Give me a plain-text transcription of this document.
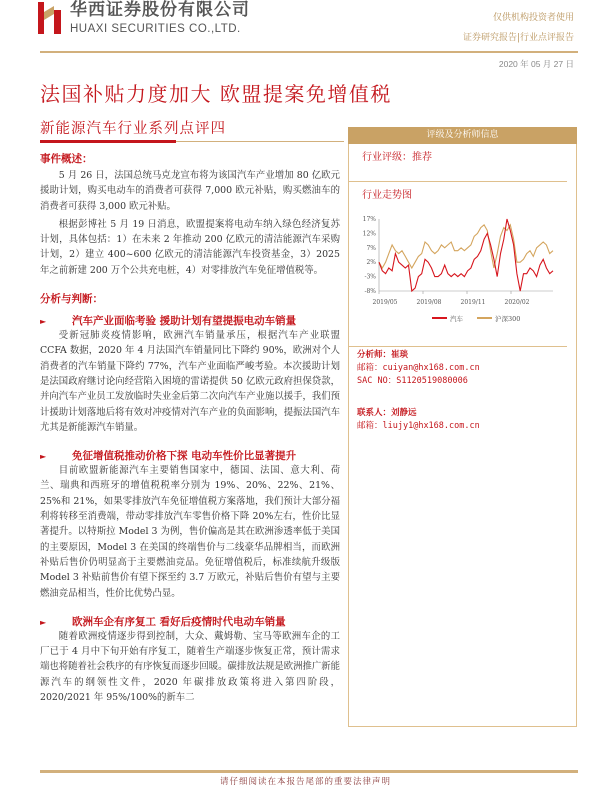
华西证券股份有限公司
HUAXI SECURITIES CO.,LTD.
仅供机构投资者使用
证券研究报告|行业点评报告
2020 年 05 月 27 日
法国补贴力度加大 欧盟提案免增值税
新能源汽车行业系列点评四
事件概述：
5 月 26 日，法国总统马克龙宣布将为该国汽车产业增加 80 亿欧元援助计划，购买电动车的消费者可获得 7,000 欧元补贴，购买燃油车的消费者可获得 3,000 欧元补贴。
根据彭博社 5 月 19 日消息，欧盟提案将电动车纳入绿色经济复苏计划，具体包括：1）在未来 2 年推动 200 亿欧元的清洁能源汽车采购计划，2）建立 400~600 亿欧元的清洁能源汽车投资基金，3）2025 年之前新建 200 万个公共充电桩，4）对零排放汽车免征增值税等。
分析与判断：
►	汽车产业面临考验 援助计划有望提振电动车销量
受新冠肺炎疫情影响，欧洲汽车销量承压，根据汽车产业联盟 CCFA 数据，2020 年 4 月法国汽车销量同比下降约 90%，欧洲对个人消费者的汽车销量下降约 77%，汽车产业面临严峻考验。本次援助计划是法国政府继讨论向经营陷入困境的雷诺提供 50 亿欧元政府担保贷款，并向汽车产业员工发放临时失业金后第二次向汽车产业施以援手，我们预计援助计划落地后将有效对冲疫情对汽车产业的负面影响，提振法国汽车尤其是新能源汽车销量。
►	免征增值税推动价格下探 电动车性价比显著提升
目前欧盟新能源汽车主要销售国家中，德国、法国、意大利、荷兰、瑞典和西班牙的增值税税率分别为 19%、20%、22%、21%、25%和 21%，如果零排放汽车免征增值税方案落地，我们预计大部分福利将转移至消费端，带动零排放汽车零售价格下降 20%左右，性价比显著提升。以特斯拉 Model 3 为例，售价偏高是其在欧洲渗透率低于美国的主要原因，Model 3 在美国的终端售价与二线豪华品牌相当，而欧洲补贴后售价仍明显高于主要燃油竞品。免征增值税后，标准续航升级版 Model 3 补贴前售价有望下探至约 3.7 万欧元，补贴后售价有望与主要燃油竞品相当，性价比优势凸显。
►	欧洲车企有序复工 看好后疫情时代电动车销量
随着欧洲疫情逐步得到控制，大众、戴姆勒、宝马等欧洲车企的工厂已于 4 月中下旬开始有序复工，随着生产端逐步恢复正常，预计需求端也将随着社会秩序的有序恢复而逐步回暖。碳排放法规是欧洲推广新能源汽车的纲领性文件，2020 年碳排放政策将进入第四阶段，2020/2021 年 95%/100%的新车二
评级及分析师信息
行业评级：推荐
行业走势图
17%
12%
7%
2%
-3%
-8%
2019/05	2019/08	2019/11	2020/02
汽车	沪深300
分析师：崔琰
邮箱：cuiyan@hx168.com.cn
SAC NO：S1120519080006
联系人：刘静远
邮箱：liujy1@hx168.com.cn
请仔细阅读在本报告尾部的重要法律声明
